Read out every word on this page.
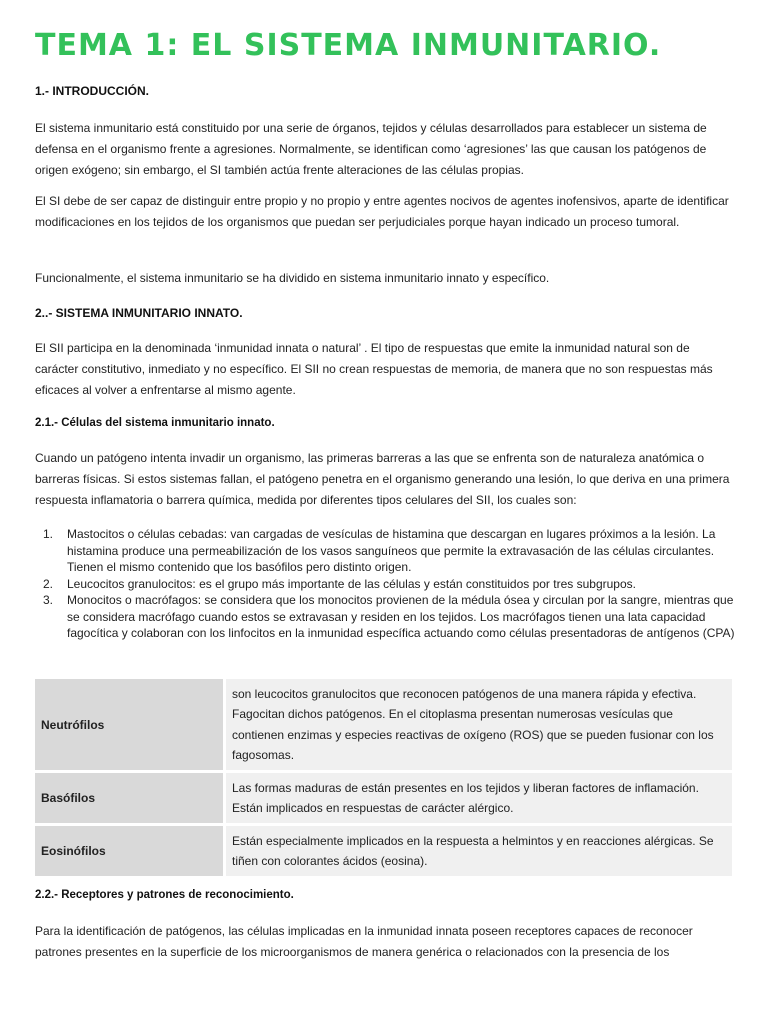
TEMA 1: EL SISTEMA INMUNITARIO.
1.- INTRODUCCIÓN.

El sistema inmunitario está constituido por una serie de órganos, tejidos y células desarrollados para establecer un sistema de defensa en el organismo frente a agresiones. Normalmente, se identifican como ‘agresiones’ las que causan los patógenos de origen exógeno; sin embargo, el SI también actúa frente alteraciones de las células propias.

El SI debe de ser capaz de distinguir entre propio y no propio y entre agentes nocivos de agentes inofensivos, aparte de identificar modificaciones en los tejidos de los organismos que puedan ser perjudiciales porque hayan indicado un proceso tumoral.

Funcionalmente, el sistema inmunitario se ha dividido en sistema inmunitario innato y específico.

2..- SISTEMA INMUNITARIO INNATO.

El SII participa en la denominada ‘inmunidad innata o natural’ . El tipo de respuestas que emite la inmunidad natural son de carácter constitutivo, inmediato y no específico. El SII no crean respuestas de memoria, de manera que no son respuestas más eficaces al volver a enfrentarse al mismo agente.

2.1.- Células del sistema inmunitario innato.

Cuando un patógeno intenta invadir un organismo, las primeras barreras a las que se enfrenta son de naturaleza anatómica o barreras físicas. Si estos sistemas fallan, el patógeno penetra en el organismo generando una lesión, lo que deriva en una primera respuesta inflamatoria o barrera química, medida por diferentes tipos celulares del SII, los cuales son:

1. Mastocitos o células cebadas: van cargadas de vesículas de histamina que descargan en lugares próximos a la lesión. La histamina produce una permeabilización de los vasos sanguíneos que permite la extravasación de las células circulantes. Tienen el mismo contenido que los basófilos pero distinto origen.
2. Leucocitos granulocitos: es el grupo más importante de las células y están constituidos por tres subgrupos.
3. Monocitos o macrófagos: se considera que los monocitos provienen de la médula ósea y circulan por la sangre, mientras que se considera macrófago cuando estos se extravasan y residen en los tejidos. Los macrófagos tienen una lata capacidad fagocítica y colaboran con los linfocitos en la inmunidad específica actuando como células presentadoras de antígenos (CPA)
Neutrófilos	son leucocitos granulocitos que reconocen patógenos de una manera rápida y efectiva. Fagocitan dichos patógenos. En el citoplasma presentan numerosas vesículas que contienen enzimas y especies reactivas de oxígeno (ROS) que se pueden fusionar con los fagosomas.
Basófilos	Las formas maduras de están presentes en los tejidos y liberan factores de inflamación. Están implicados en respuestas de carácter alérgico.
Eosinófilos	Están especialmente implicados en la respuesta a helmintos y en reacciones alérgicas. Se tiñen con colorantes ácidos (eosina).
2.2.- Receptores y patrones de reconocimiento.

Para la identificación de patógenos, las células implicadas en la inmunidad innata poseen receptores capaces de reconocer patrones presentes en la superficie de los microorganismos de manera genérica o relacionados con la presencia de los
